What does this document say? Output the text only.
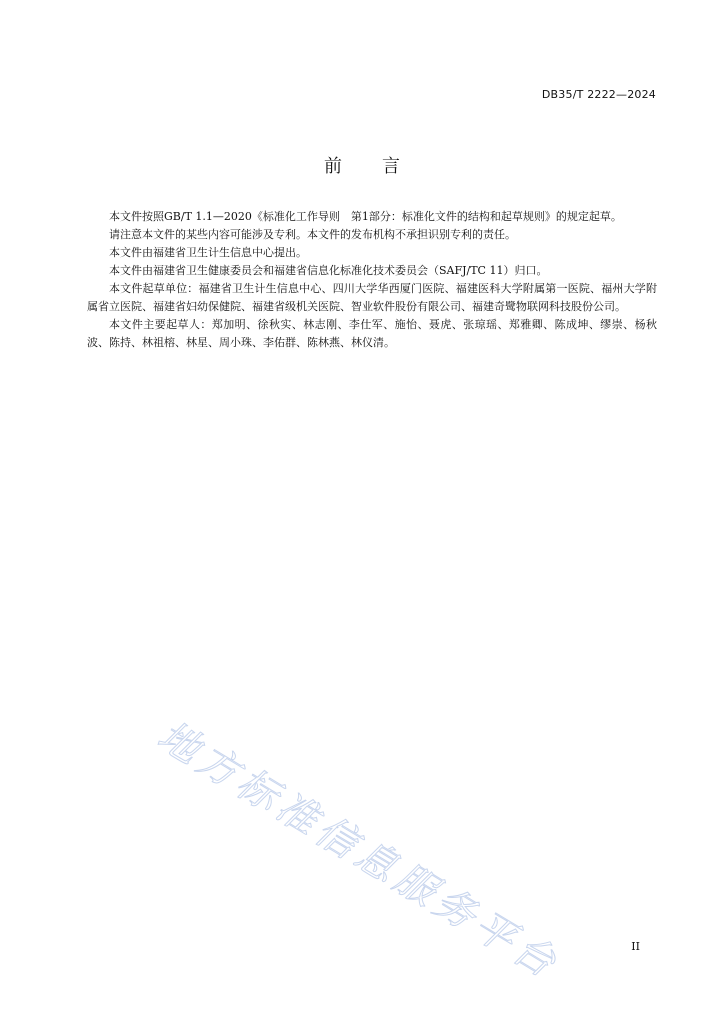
DB35/T 2222—2024
前言

本文件按照GB/T 1.1—2020《标准化工作导则　第1部分：标准化文件的结构和起草规则》的规定起草。

请注意本文件的某些内容可能涉及专利。本文件的发布机构不承担识别专利的责任。

本文件由福建省卫生计生信息中心提出。

本文件由福建省卫生健康委员会和福建省信息化标准化技术委员会（SAFJ/TC 11）归口。

本文件起草单位：福建省卫生计生信息中心、四川大学华西厦门医院、福建医科大学附属第一医院、福州大学附属省立医院、福建省妇幼保健院、福建省级机关医院、智业软件股份有限公司、福建奇鹭物联网科技股份公司。

本文件主要起草人：郑加明、徐秋实、林志刚、李仕军、施怡、聂虎、张琼瑶、郑雅卿、陈成坤、缪崇、杨秋波、陈持、林祖榕、林星、周小珠、李佑群、陈林燕、林仪清。

地方标准信息服务平台	II
